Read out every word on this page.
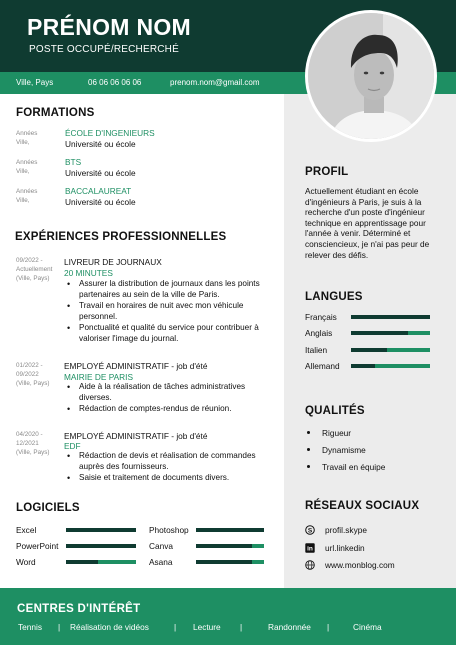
PRÉNOM NOM
POSTE OCCUPÉ/RECHERCHÉ
Ville, Pays	06 06 06 06 06	prenom.nom@gmail.com
FORMATIONS
Années
Ville,
ÉCOLE D'INGENIEURS
Université ou école
Années
Ville,
BTS
Université ou école
Années
Ville,
BACCALAUREAT
Université ou école
EXPÉRIENCES PROFESSIONNELLES
09/2022 -
Actuellement
(Ville, Pays)
LIVREUR DE JOURNAUX
20 MINUTES
• Assurer la distribution de journaux dans les points partenaires au sein de la ville de Paris.
• Travail en horaires de nuit avec mon véhicule personnel.
• Ponctualité et qualité du service pour contribuer à valoriser l'image du journal.
01/2022 -
09/2022
(Ville, Pays)
EMPLOYÉ ADMINISTRATIF - job d'été
MAIRIE DE PARIS
• Aide à la réalisation de tâches administratives diverses.
• Rédaction de comptes-rendus de réunion.
04/2020 -
12/2021
(Ville, Pays)
EMPLOYÉ ADMINISTRATIF - job d'été
EDF
• Rédaction de devis et réalisation de commandes auprès des fournisseurs.
• Saisie et traitement de documents divers.
LOGICIELS
Excel
PowerPoint
Word
Photoshop
Canva
Asana
PROFIL
Actuellement étudiant en école d'ingénieurs à Paris, je suis à la recherche d'un poste d'ingénieur technique en apprentissage pour l'année à venir. Déterminé et consciencieux, je n'ai pas peur de relever des défis.
LANGUES
Français
Anglais
Italien
Allemand
QUALITÉS
Rigueur
Dynamisme
Travail en équipe
RÉSEAUX SOCIAUX
S profil.skype
in url.linkedin
www.monblog.com
CENTRES D'INTÉRÊT
Tennis | Réalisation de vidéos	| Lecture |	Randonnée |	Cinéma
